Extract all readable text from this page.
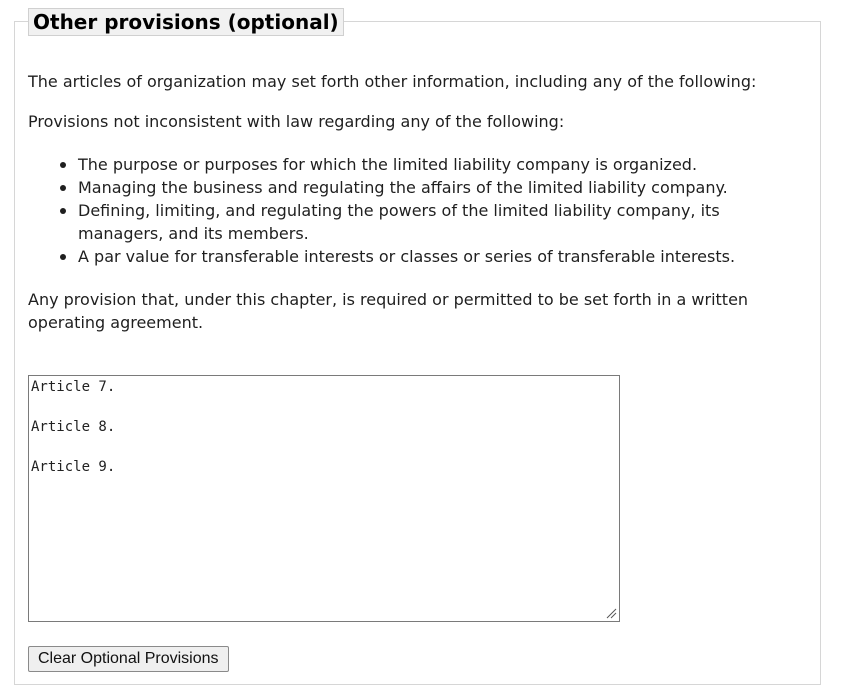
Other provisions (optional)

The articles of organization may set forth other information, including any of the following:

Provisions not inconsistent with law regarding any of the following:

The purpose or purposes for which the limited liability company is organized.
Managing the business and regulating the affairs of the limited liability company.
Defining, limiting, and regulating the powers of the limited liability company, its
managers, and its members.
A par value for transferable interests or classes or series of transferable interests.

Any provision that, under this chapter, is required or permitted to be set forth in a written operating agreement.

Article 7.
Article 8.
Article 9.
Clear Optional Provisions
